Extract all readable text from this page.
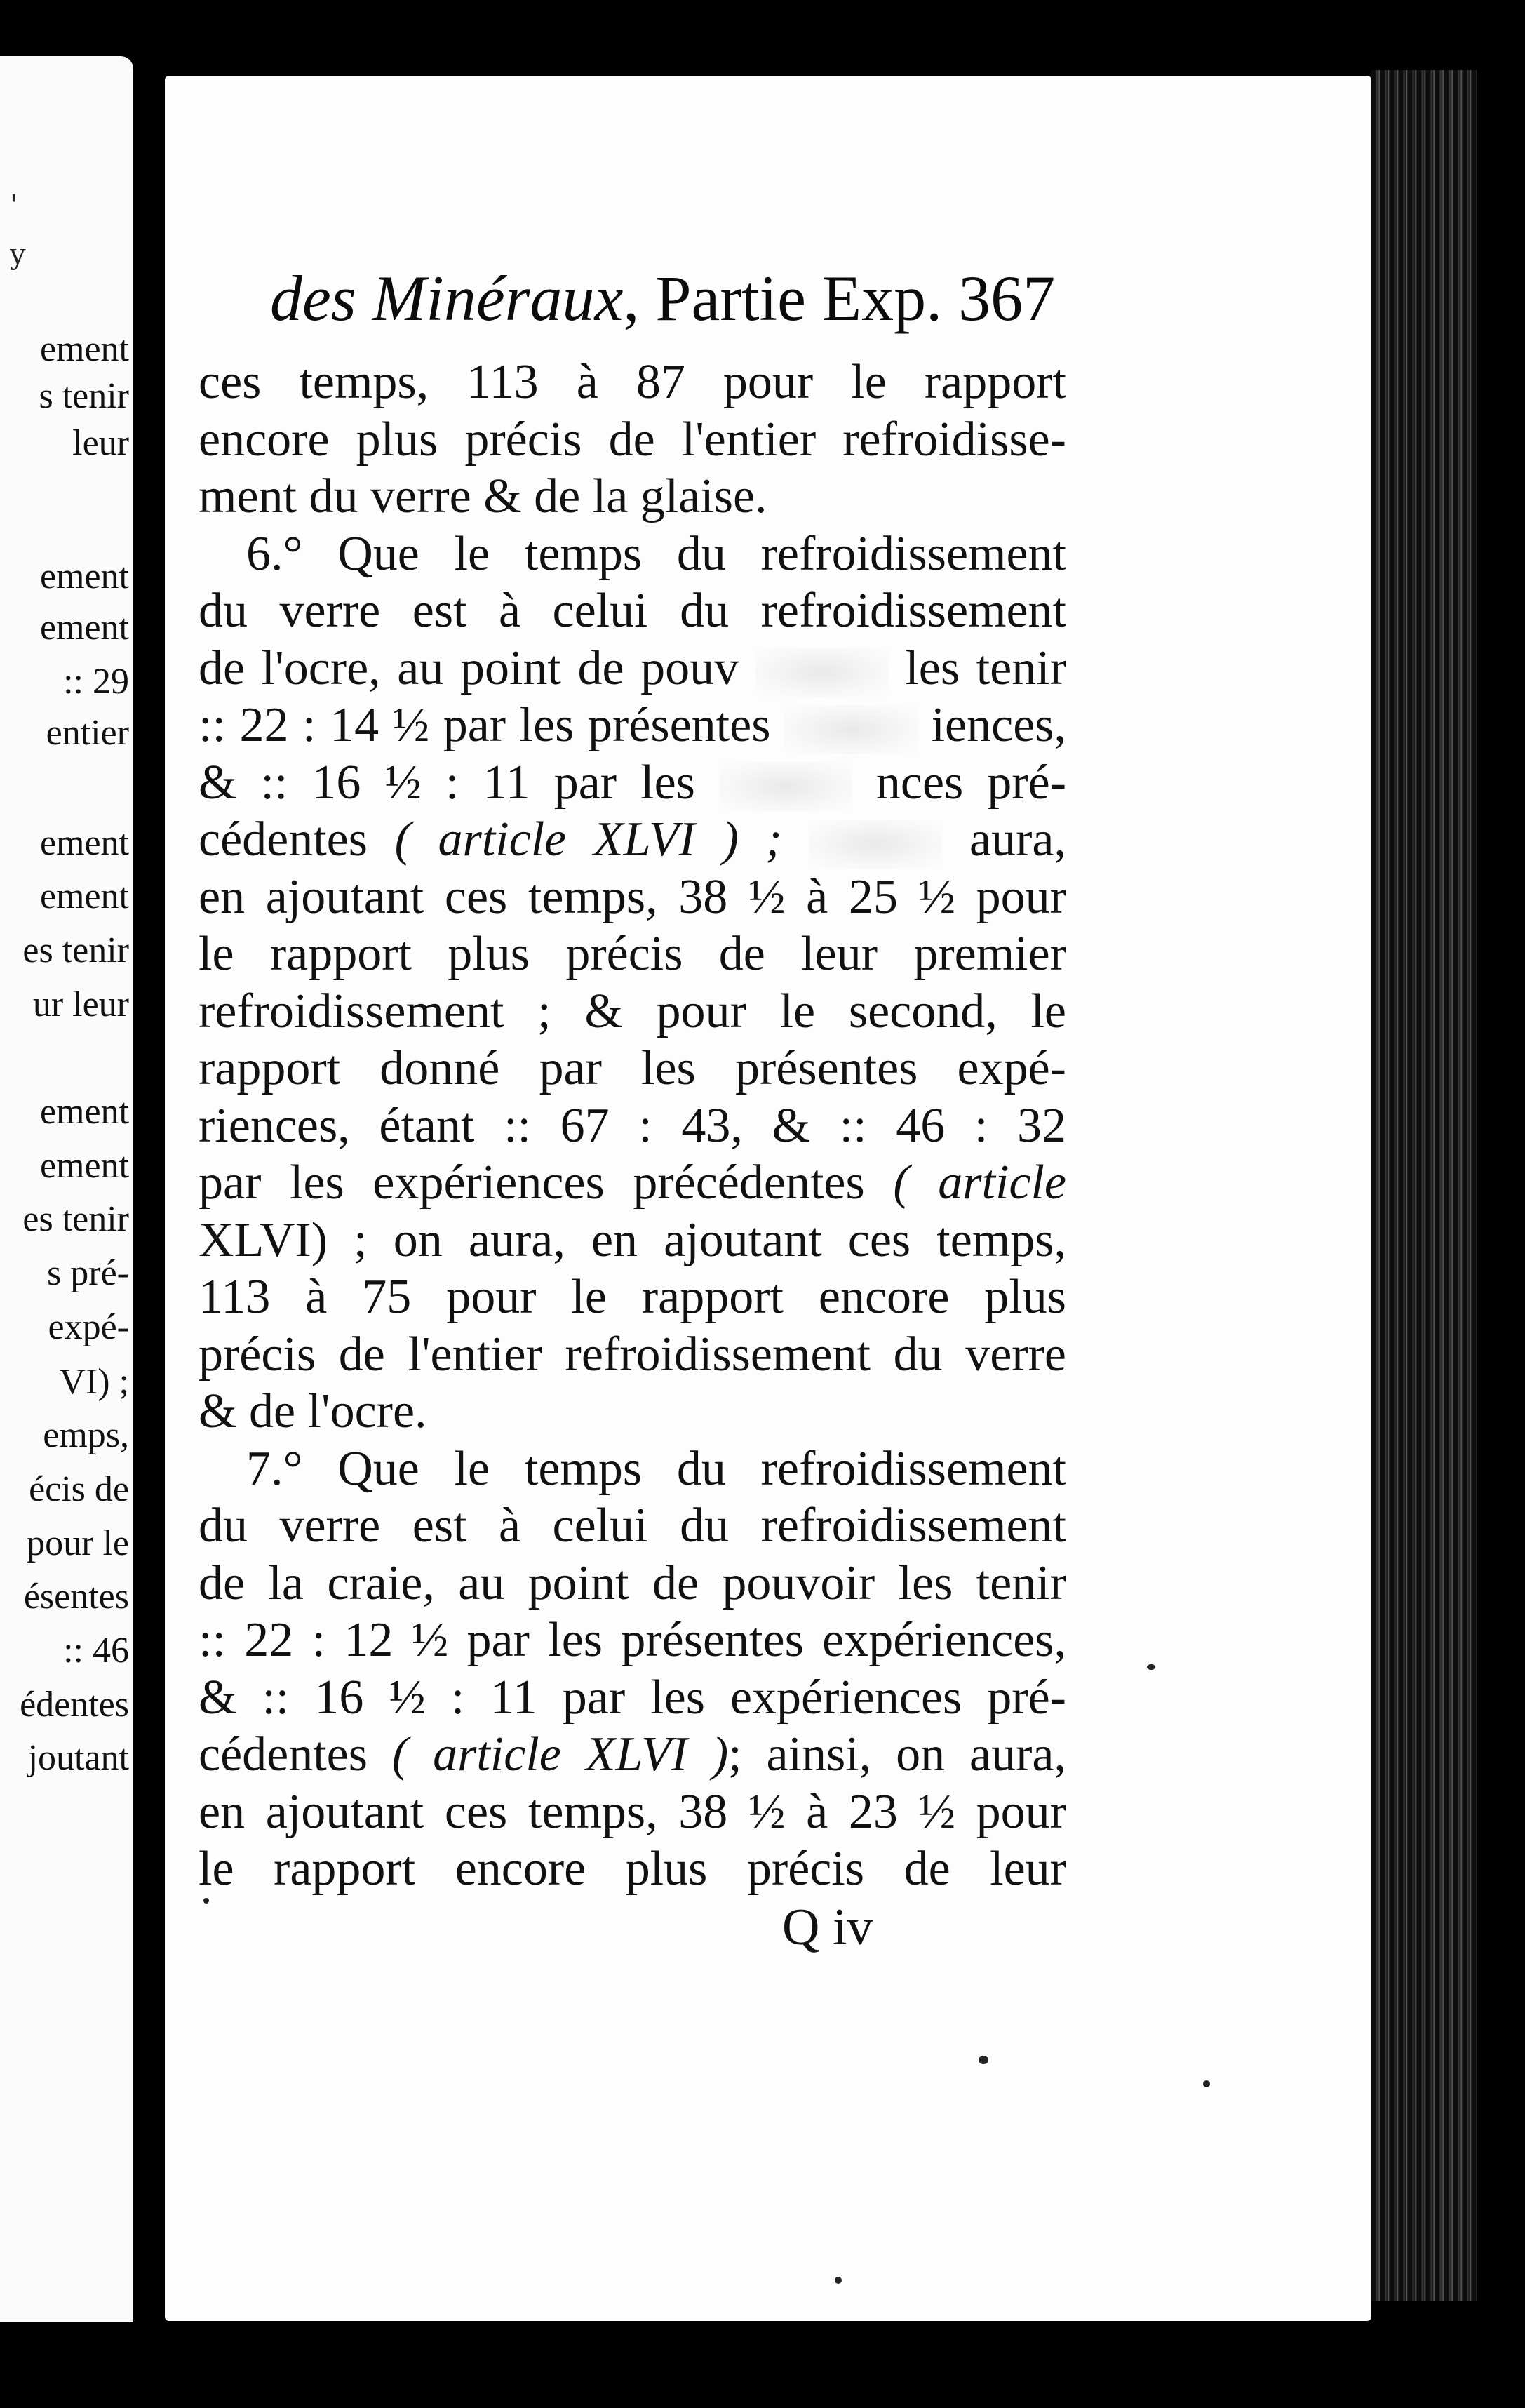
'
y
ement
s tenir
leur
ement
ement
:: 29
entier
ement
ement
es tenir
ur leur
ement
ement
es tenir
s pré-
expé-
VI) ;
emps,
écis de
pour le
ésentes
:: 46
édentes
joutant
des Minéraux, Partie Exp. 367
ces temps, 113 à 87 pour le rapport
encore plus précis de l'entier refroidisse-
ment du verre & de la glaise.
6.° Que le temps du refroidissement
du verre est à celui du refroidissement
de l'ocre, au point de pouv	les tenir
:: 22 : 14 ½ par les présentes	iences,
& :: 16 ½ : 11 par les	nces pré-
cédentes ( article XLVI ) ;	aura,
en ajoutant ces temps, 38 ½ à 25 ½ pour
le rapport plus précis de leur premier
refroidissement ; & pour le second, le
rapport donné par les présentes expé-
riences, étant :: 67 : 43, & :: 46 : 32
par les expériences précédentes ( article
XLVI) ; on aura, en ajoutant ces temps,
113 à 75 pour le rapport encore plus
précis de l'entier refroidissement du verre
& de l'ocre.
7.° Que le temps du refroidissement
du verre est à celui du refroidissement
de la craie, au point de pouvoir les tenir
:: 22 : 12 ½ par les présentes expériences,
& :: 16 ½ : 11 par les expériences pré-
cédentes ( article XLVI ); ainsi, on aura,
en ajoutant ces temps, 38 ½ à 23 ½ pour
le rapport encore plus précis de leur
Q iv
